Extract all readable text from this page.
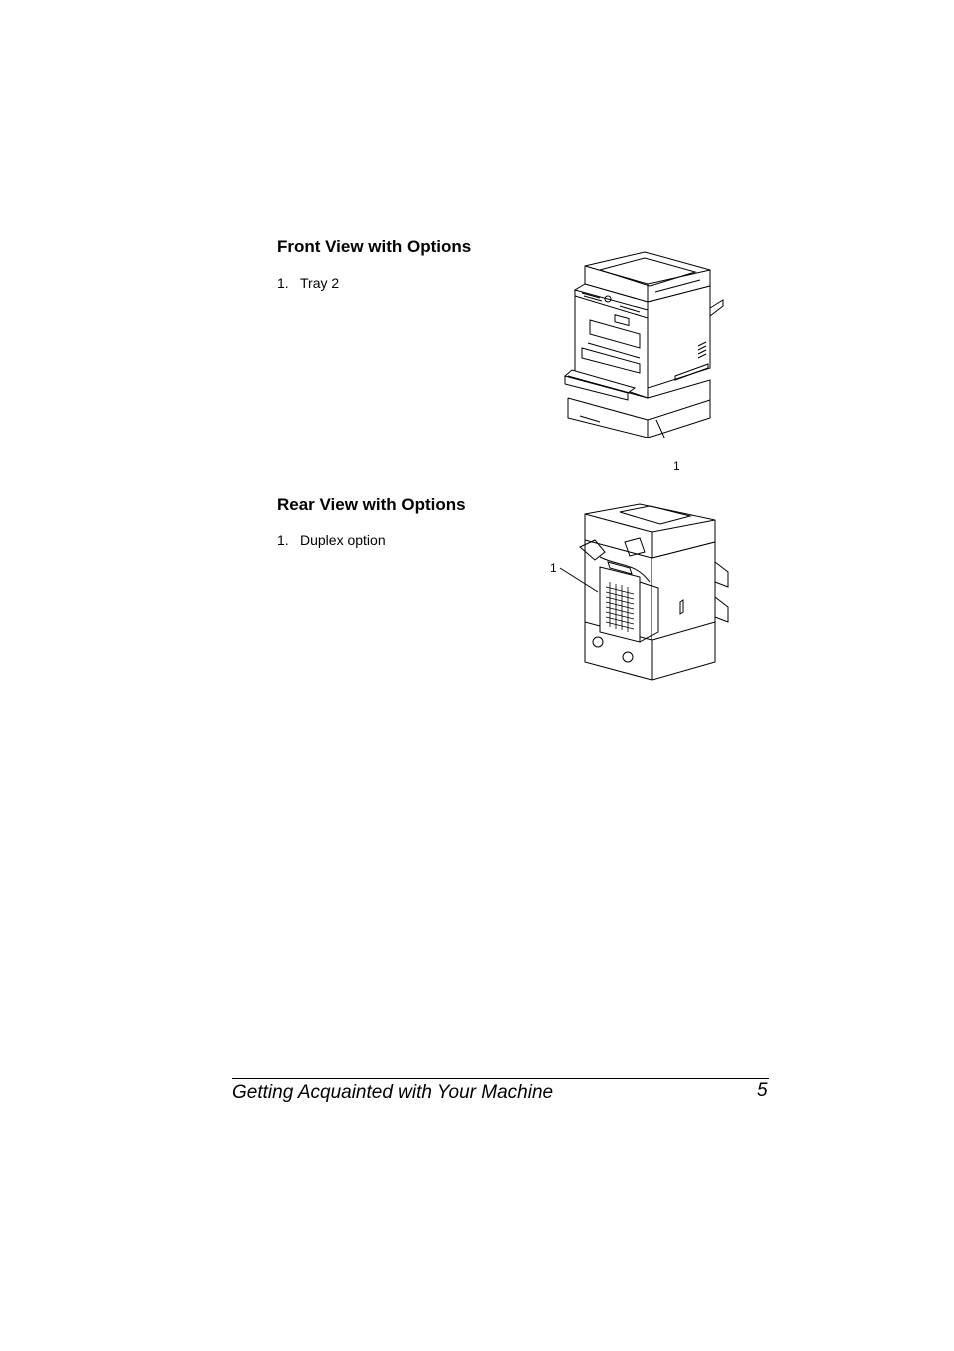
Front View with Options
1. Tray 2
1
Rear View with Options
1. Duplex option
1
Getting Acquainted with Your Machine	5
